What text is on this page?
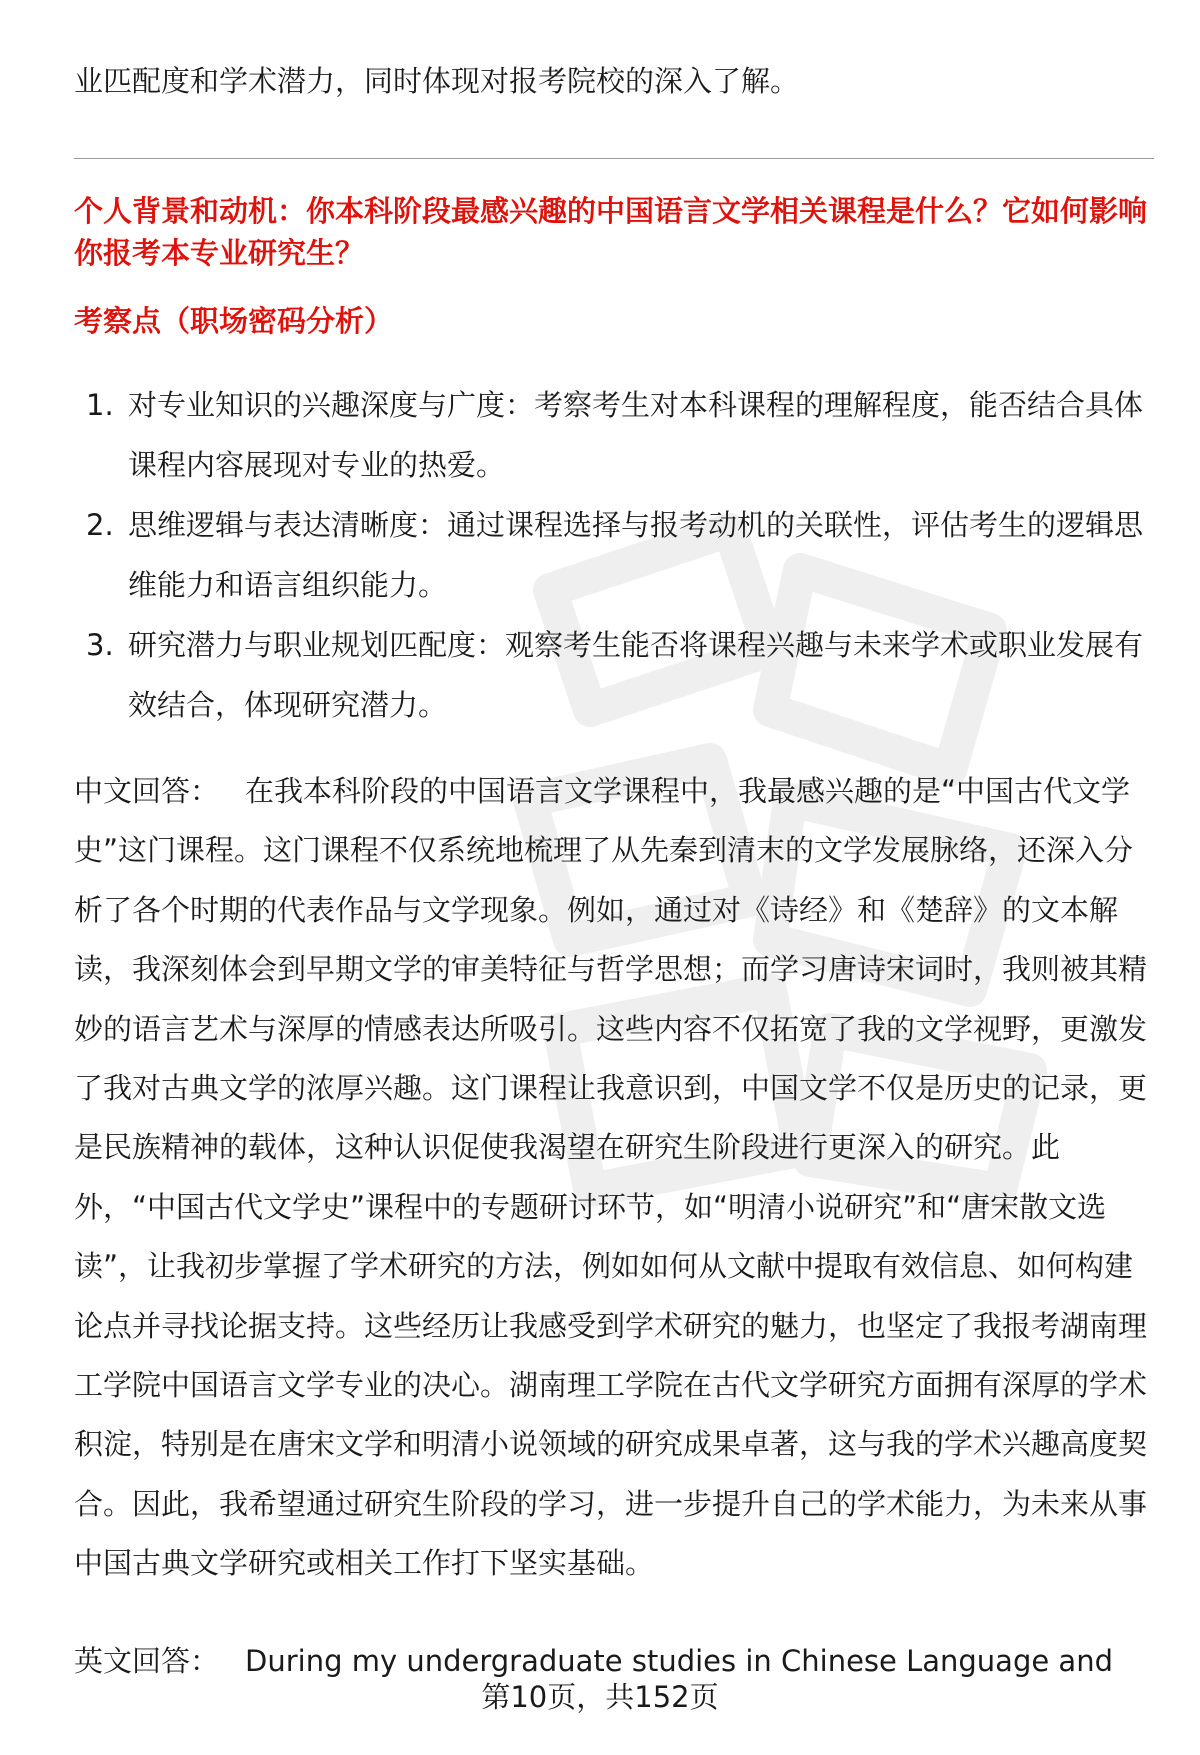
业匹配度和学术潜力，同时体现对报考院校的深入了解。
个人背景和动机：你本科阶段最感兴趣的中国语言文学相关课程是什么？它如何影响你报考本专业研究生？
考察点（职场密码分析）
1. 对专业知识的兴趣深度与广度：考察考生对本科课程的理解程度，能否结合具体课程内容展现对专业的热爱。
2. 思维逻辑与表达清晰度：通过课程选择与报考动机的关联性，评估考生的逻辑思维能力和语言组织能力。
3. 研究潜力与职业规划匹配度：观察考生能否将课程兴趣与未来学术或职业发展有效结合，体现研究潜力。
中文回答： 在我本科阶段的中国语言文学课程中，我最感兴趣的是“中国古代文学史”这门课程。这门课程不仅系统地梳理了从先秦到清末的文学发展脉络，还深入分析了各个时期的代表作品与文学现象。例如，通过对《诗经》和《楚辞》的文本解读，我深刻体会到早期文学的审美特征与哲学思想；而学习唐诗宋词时，我则被其精妙的语言艺术与深厚的情感表达所吸引。这些内容不仅拓宽了我的文学视野，更激发了我对古典文学的浓厚兴趣。这门课程让我意识到，中国文学不仅是历史的记录，更是民族精神的载体，这种认识促使我渴望在研究生阶段进行更深入的研究。此外，“中国古代文学史”课程中的专题研讨环节，如“明清小说研究”和“唐宋散文选读”，让我初步掌握了学术研究的方法，例如如何从文献中提取有效信息、如何构建论点并寻找论据支持。这些经历让我感受到学术研究的魅力，也坚定了我报考湖南理工学院中国语言文学专业的决心。湖南理工学院在古代文学研究方面拥有深厚的学术积淀，特别是在唐宋文学和明清小说领域的研究成果卓著，这与我的学术兴趣高度契合。因此，我希望通过研究生阶段的学习，进一步提升自己的学术能力，为未来从事中国古典文学研究或相关工作打下坚实基础。
英文回答： During my undergraduate studies in Chinese Language and
第10页，共152页
